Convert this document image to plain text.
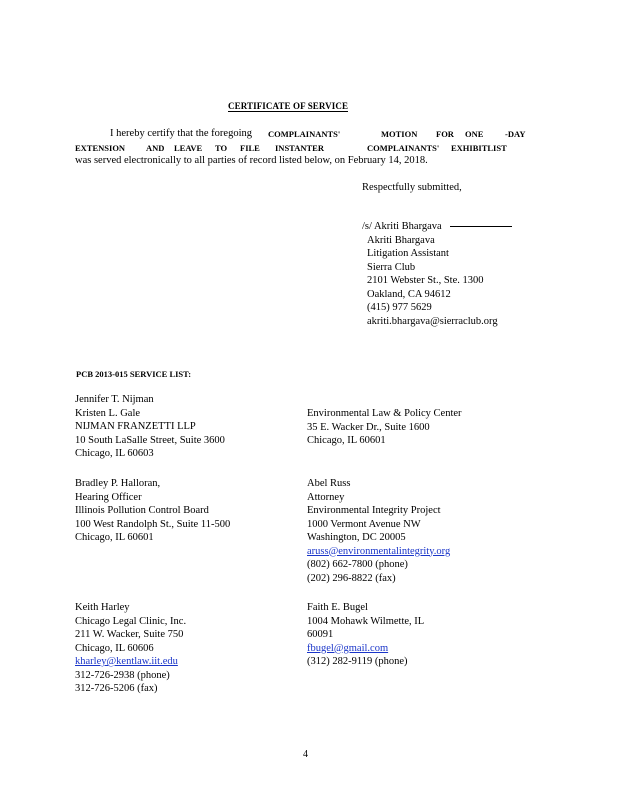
CERTIFICATE OF SERVICE
I hereby certify that the foregoing COMPLAINANTS'	MOTION FOR ONE	-DAY
EXTENSION AND LEAVE TO FILE INSTANTER	COMPLAINANTS' EXHIBITLIST
was served electronically to all parties of record listed below, on February 14, 2018.
Respectfully submitted,
/s/ Akriti Bhargava
Akriti Bhargava
Litigation Assistant
Sierra Club
2101 Webster St., Ste. 1300
Oakland, CA 94612
(415) 977 5629
akriti.bhargava@sierraclub.org
PCB 2013-015 SERVICE LIST:
Jennifer T. Nijman
Kristen L. Gale
NIJMAN FRANZETTI LLP
10 South LaSalle Street, Suite 3600
Chicago, IL 60603
Environmental Law & Policy Center
35 E. Wacker Dr., Suite 1600
Chicago, IL 60601
Bradley P. Halloran,
Hearing Officer
Illinois Pollution Control Board
100 West Randolph St., Suite 11-500
Chicago, IL 60601
Abel Russ
Attorney
Environmental Integrity Project
1000 Vermont Avenue NW
Washington, DC 20005
aruss@environmentalintegrity.org
(802) 662-7800 (phone)
(202) 296-8822 (fax)
Keith Harley
Chicago Legal Clinic, Inc.
211 W. Wacker, Suite 750
Chicago, IL 60606
kharley@kentlaw.iit.edu
312-726-2938 (phone)
312-726-5206 (fax)
Faith E. Bugel
1004 Mohawk Wilmette, IL
60091
fbugel@gmail.com
(312) 282-9119 (phone)
4
